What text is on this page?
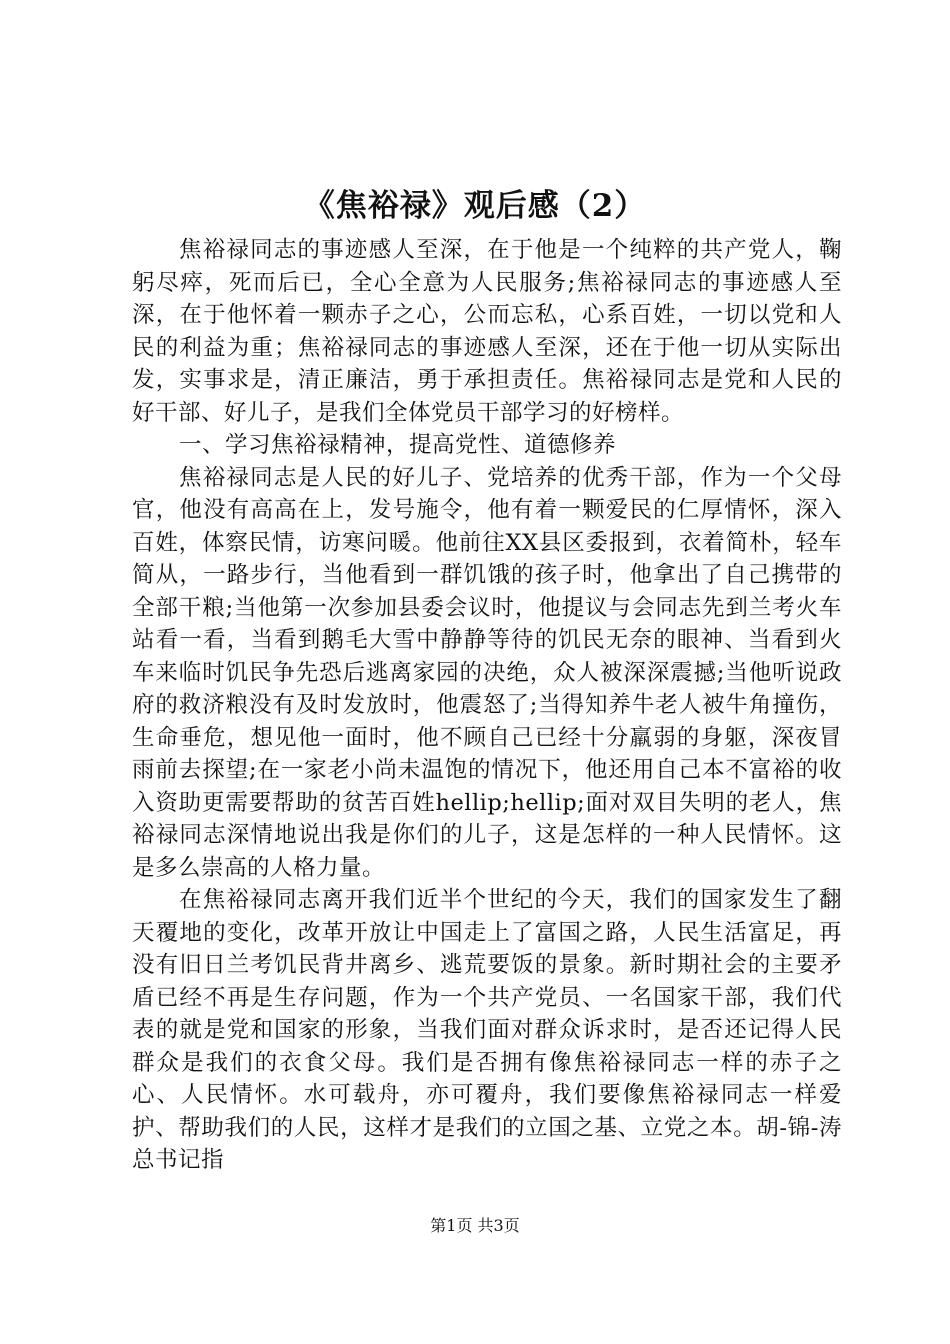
《焦裕禄》观后感（2）

焦裕禄同志的事迹感人至深，在于他是一个纯粹的共产党人，鞠躬尽瘁，死而后已，全心全意为人民服务;焦裕禄同志的事迹感人至深，在于他怀着一颗赤子之心，公而忘私，心系百姓，一切以党和人民的利益为重；焦裕禄同志的事迹感人至深，还在于他一切从实际出发，实事求是，清正廉洁，勇于承担责任。焦裕禄同志是党和人民的好干部、好儿子，是我们全体党员干部学习的好榜样。

一、学习焦裕禄精神，提高党性、道德修养

焦裕禄同志是人民的好儿子、党培养的优秀干部，作为一个父母官，他没有高高在上，发号施令，他有着一颗爱民的仁厚情怀，深入百姓，体察民情，访寒问暖。他前往XX县区委报到，衣着简朴，轻车简从，一路步行，当他看到一群饥饿的孩子时，他拿出了自己携带的全部干粮;当他第一次参加县委会议时，他提议与会同志先到兰考火车站看一看，当看到鹅毛大雪中静静等待的饥民无奈的眼神、当看到火车来临时饥民争先恐后逃离家园的决绝，众人被深深震撼;当他听说政府的救济粮没有及时发放时，他震怒了;当得知养牛老人被牛角撞伤，生命垂危，想见他一面时，他不顾自己已经十分羸弱的身躯，深夜冒雨前去探望;在一家老小尚未温饱的情况下，他还用自己本不富裕的收入资助更需要帮助的贫苦百姓hellip;hellip;面对双目失明的老人，焦裕禄同志深情地说出我是你们的儿子，这是怎样的一种人民情怀。这是多么崇高的人格力量。

在焦裕禄同志离开我们近半个世纪的今天，我们的国家发生了翻天覆地的变化，改革开放让中国走上了富国之路，人民生活富足，再没有旧日兰考饥民背井离乡、逃荒要饭的景象。新时期社会的主要矛盾已经不再是生存问题，作为一个共产党员、一名国家干部，我们代表的就是党和国家的形象，当我们面对群众诉求时，是否还记得人民群众是我们的衣食父母。我们是否拥有像焦裕禄同志一样的赤子之心、人民情怀。水可载舟，亦可覆舟，我们要像焦裕禄同志一样爱护、帮助我们的人民，这样才是我们的立国之基、立党之本。胡-锦-涛总书记指

第1页 共3页
